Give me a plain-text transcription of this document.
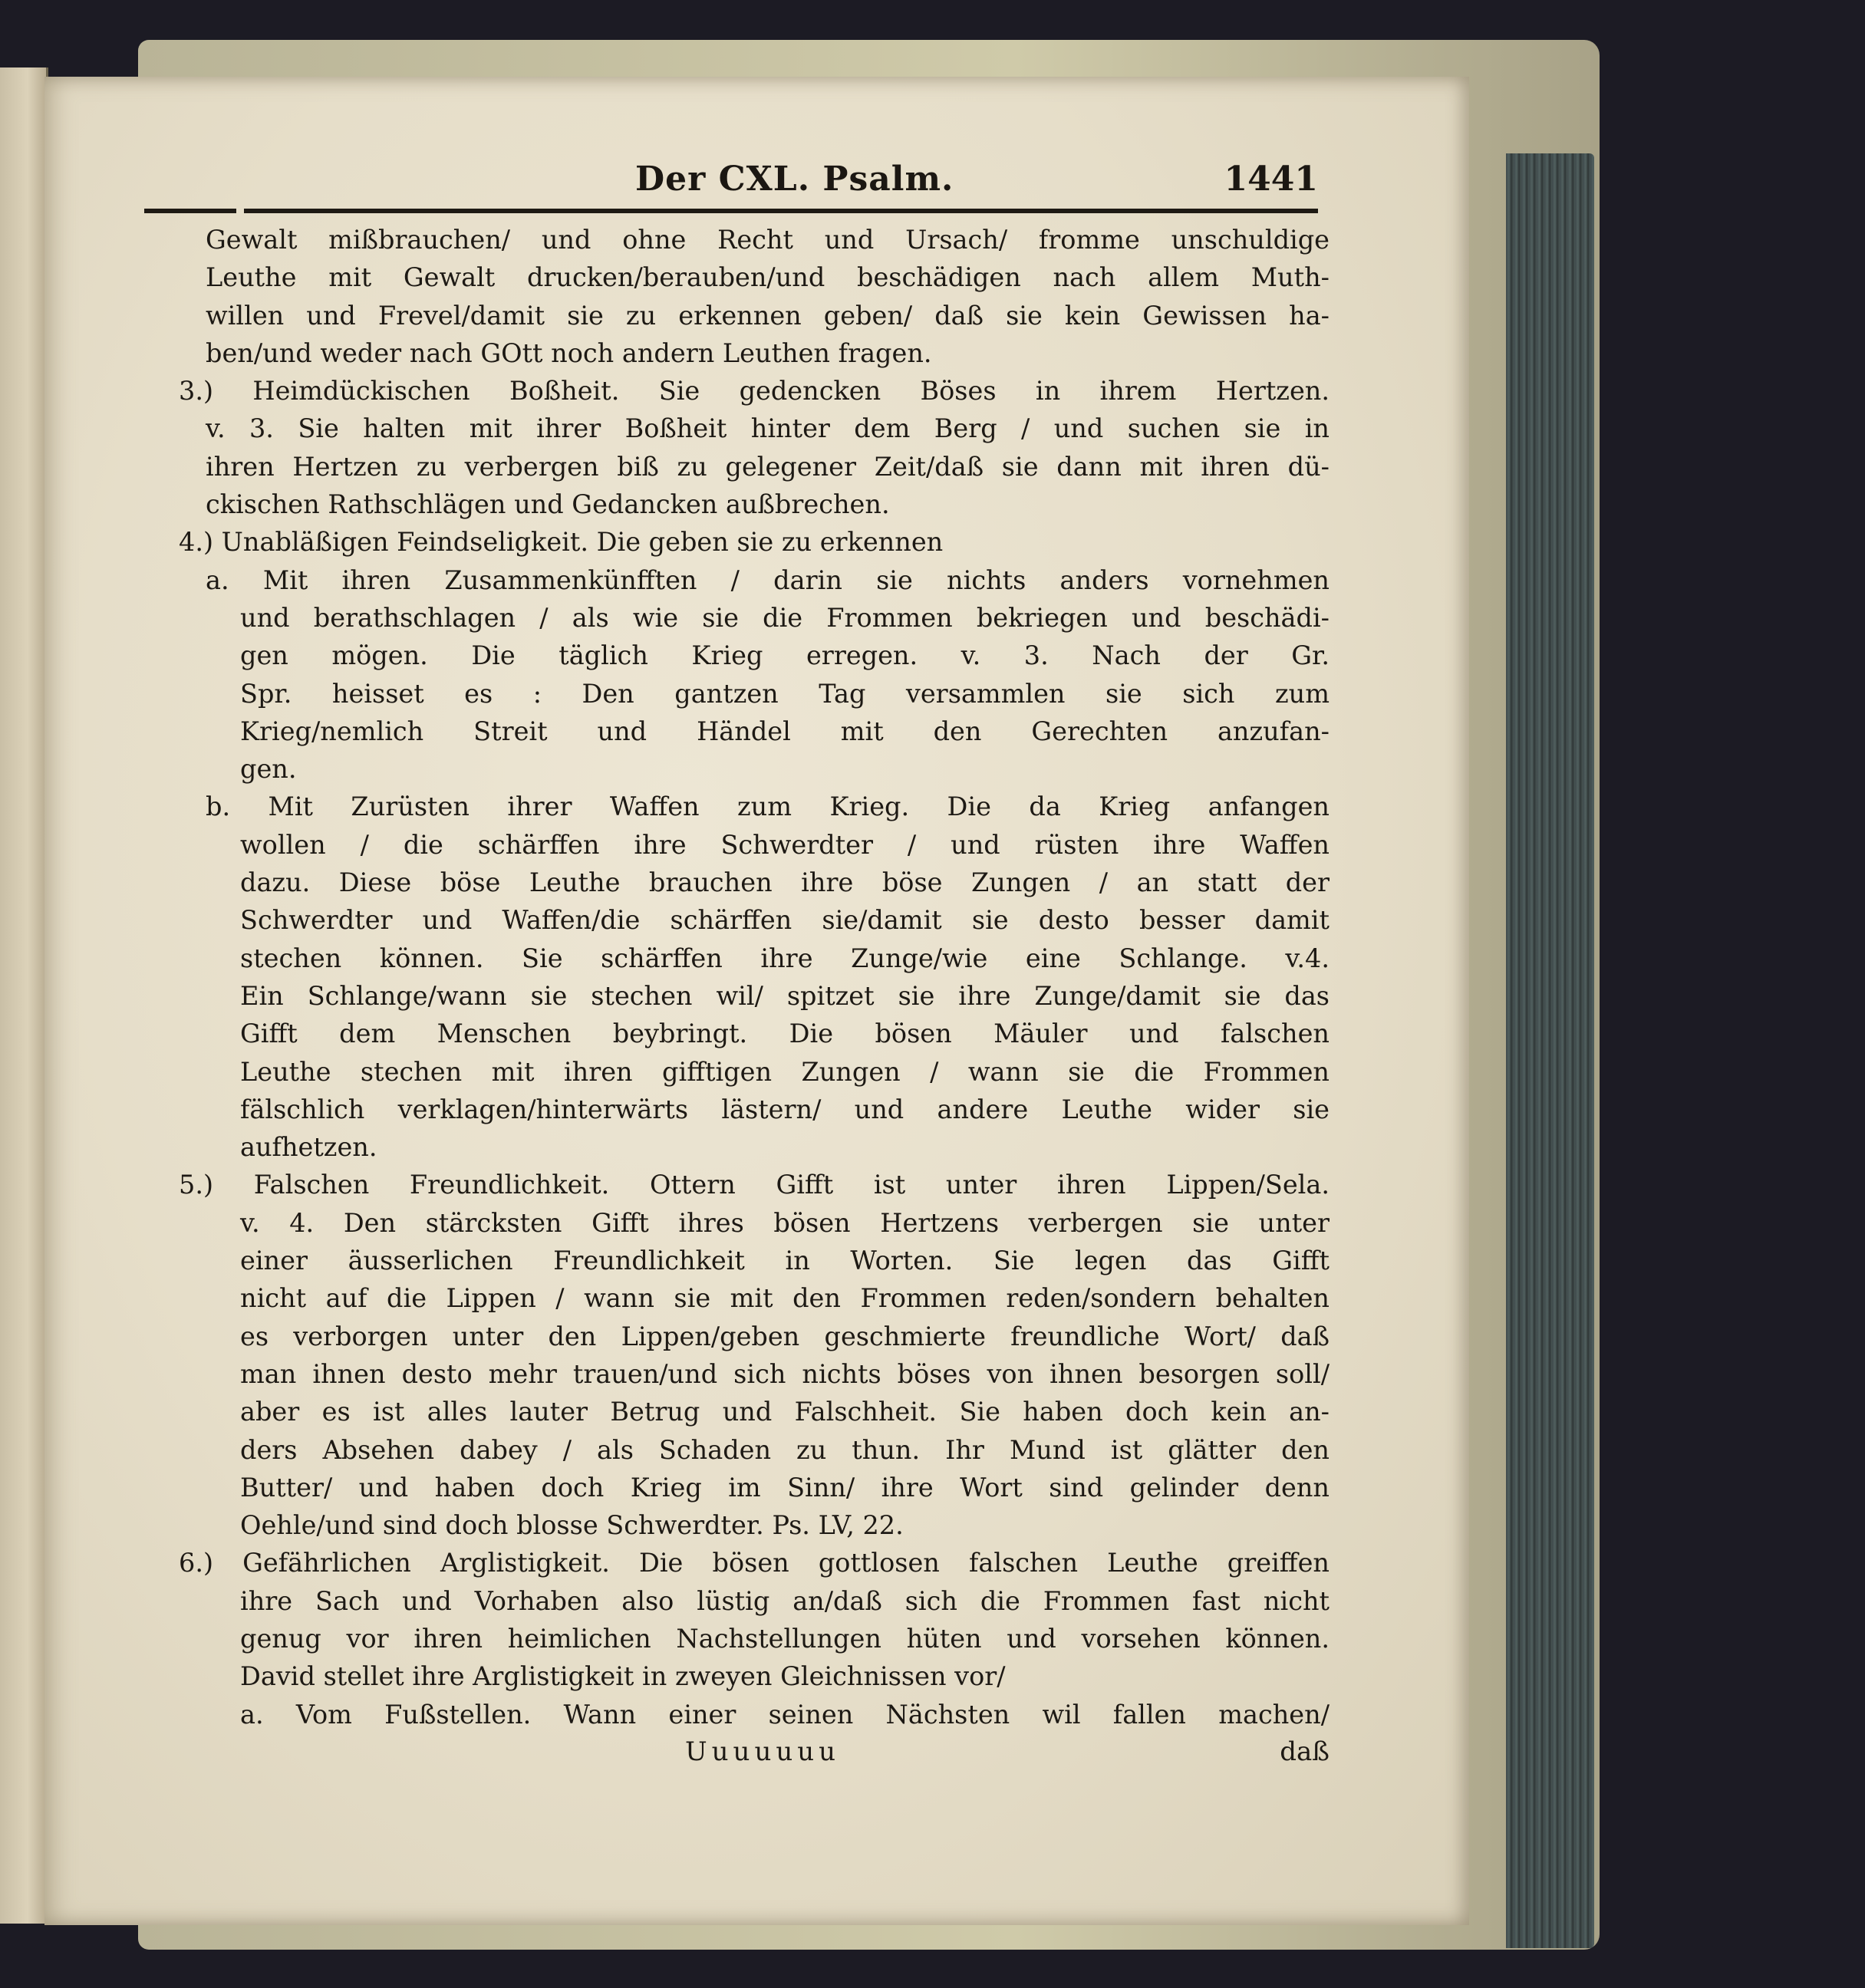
Der CXL. Psalm.	1441
Gewalt mißbrauchen/ und ohne Recht und Ursach/ fromme unschuldige
Leuthe mit Gewalt drucken/berauben/und beschädigen nach allem Muth-
willen und Frevel/damit sie zu erkennen geben/ daß sie kein Gewissen ha-
ben/und weder nach GOtt noch andern Leuthen fragen.
3.) Heimdückischen Boßheit. Sie gedencken Böses in ihrem Hertzen.
v. 3. Sie halten mit ihrer Boßheit hinter dem Berg / und suchen sie in
ihren Hertzen zu verbergen biß zu gelegener Zeit/daß sie dann mit ihren dü-
ckischen Rathschlägen und Gedancken außbrechen.
4.) Unabläßigen Feindseligkeit. Die geben sie zu erkennen
a. Mit ihren Zusammenkünfften / darin sie nichts anders vornehmen
und berathschlagen / als wie sie die Frommen bekriegen und beschädi-
gen mögen. Die täglich Krieg erregen. v. 3. Nach der Gr.
Spr. heisset es : Den gantzen Tag versammlen sie sich zum
Krieg/nemlich Streit und Händel mit den Gerechten anzufan-
gen.
b. Mit Zurüsten ihrer Waffen zum Krieg. Die da Krieg anfangen
wollen / die schärffen ihre Schwerdter / und rüsten ihre Waffen
dazu. Diese böse Leuthe brauchen ihre böse Zungen / an statt der
Schwerdter und Waffen/die schärffen sie/damit sie desto besser damit
stechen können. Sie schärffen ihre Zunge/wie eine Schlange. v.4.
Ein Schlange/wann sie stechen wil/ spitzet sie ihre Zunge/damit sie das
Gifft dem Menschen beybringt. Die bösen Mäuler und falschen
Leuthe stechen mit ihren gifftigen Zungen / wann sie die Frommen
fälschlich verklagen/hinterwärts lästern/ und andere Leuthe wider sie
aufhetzen.
5.) Falschen Freundlichkeit. Ottern Gifft ist unter ihren Lippen/Sela.
v. 4. Den stärcksten Gifft ihres bösen Hertzens verbergen sie unter
einer äusserlichen Freundlichkeit in Worten. Sie legen das Gifft
nicht auf die Lippen / wann sie mit den Frommen reden/sondern behalten
es verborgen unter den Lippen/geben geschmierte freundliche Wort/ daß
man ihnen desto mehr trauen/und sich nichts böses von ihnen besorgen soll/
aber es ist alles lauter Betrug und Falschheit. Sie haben doch kein an-
ders Absehen dabey / als Schaden zu thun. Ihr Mund ist glätter den
Butter/ und haben doch Krieg im Sinn/ ihre Wort sind gelinder denn
Oehle/und sind doch blosse Schwerdter. Ps. LV, 22.
6.) Gefährlichen Arglistigkeit. Die bösen gottlosen falschen Leuthe greiffen
ihre Sach und Vorhaben also lüstig an/daß sich die Frommen fast nicht
genug vor ihren heimlichen Nachstellungen hüten und vorsehen können.
David stellet ihre Arglistigkeit in zweyen Gleichnissen vor/
a. Vom Fußstellen. Wann einer seinen Nächsten wil fallen machen/
Uuuuuuu	daß
